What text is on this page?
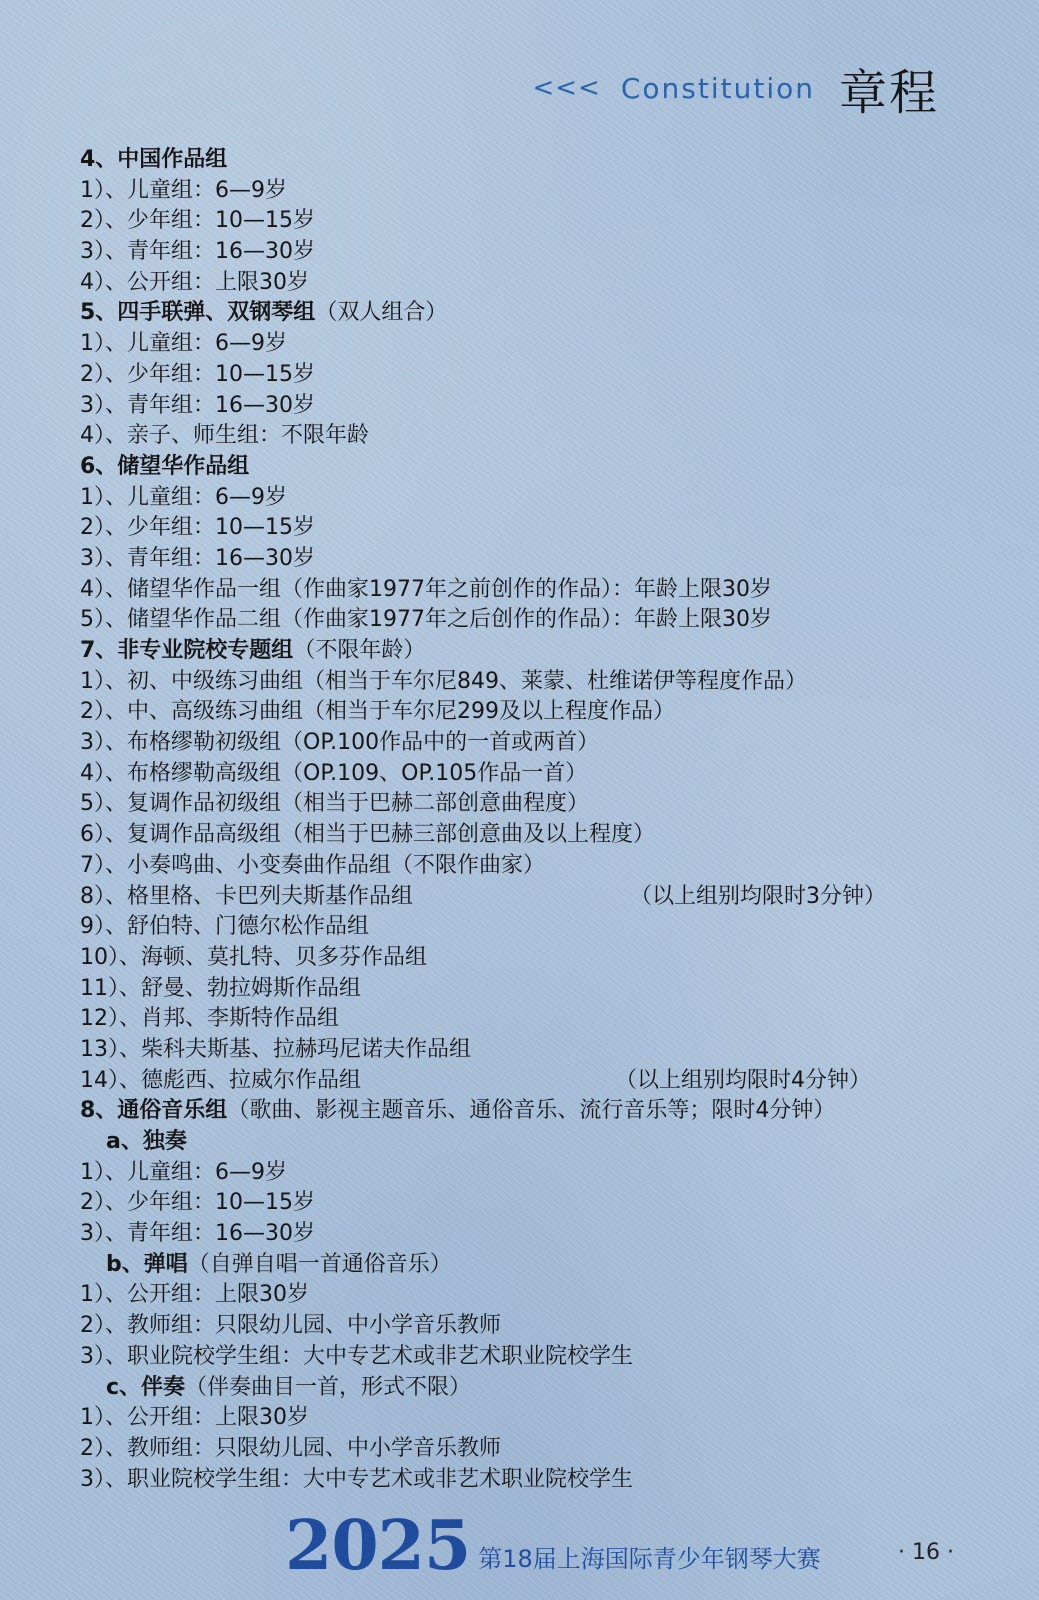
<<< Constitution 章程
4、中国作品组
1）、儿童组：6—9岁
2）、少年组：10—15岁
3）、青年组：16—30岁
4）、公开组：上限30岁
5、四手联弹、双钢琴组（双人组合）
1）、儿童组：6—9岁
2）、少年组：10—15岁
3）、青年组：16—30岁
4）、亲子、师生组：不限年龄
6、储望华作品组
1）、儿童组：6—9岁
2）、少年组：10—15岁
3）、青年组：16—30岁
4）、储望华作品一组（作曲家1977年之前创作的作品）：年龄上限30岁
5）、储望华作品二组（作曲家1977年之后创作的作品）：年龄上限30岁
7、非专业院校专题组（不限年龄）
1）、初、中级练习曲组（相当于车尔尼849、莱蒙、杜维诺伊等程度作品）
2）、中、高级练习曲组（相当于车尔尼299及以上程度作品）
3）、布格缪勒初级组（OP.100作品中的一首或两首）
4）、布格缪勒高级组（OP.109、OP.105作品一首）
5）、复调作品初级组（相当于巴赫二部创意曲程度）
6）、复调作品高级组（相当于巴赫三部创意曲及以上程度）
7）、小奏鸣曲、小变奏曲作品组（不限作曲家）
8）、格里格、卡巴列夫斯基作品组	（以上组别均限时3分钟）
9）、舒伯特、门德尔松作品组
10）、海顿、莫扎特、贝多芬作品组
11）、舒曼、勃拉姆斯作品组
12）、肖邦、李斯特作品组
13）、柴科夫斯基、拉赫玛尼诺夫作品组
14）、德彪西、拉威尔作品组	（以上组别均限时4分钟）
8、通俗音乐组（歌曲、影视主题音乐、通俗音乐、流行音乐等；限时4分钟）
a、独奏
1）、儿童组：6—9岁
2）、少年组：10—15岁
3）、青年组：16—30岁
b、弹唱（自弹自唱一首通俗音乐）
1）、公开组：上限30岁
2）、教师组：只限幼儿园、中小学音乐教师
3）、职业院校学生组：大中专艺术或非艺术职业院校学生
c、伴奏（伴奏曲目一首，形式不限）
1）、公开组：上限30岁
2）、教师组：只限幼儿园、中小学音乐教师
3）、职业院校学生组：大中专艺术或非艺术职业院校学生
2025 第18届上海国际青少年钢琴大赛	· 16 ·
